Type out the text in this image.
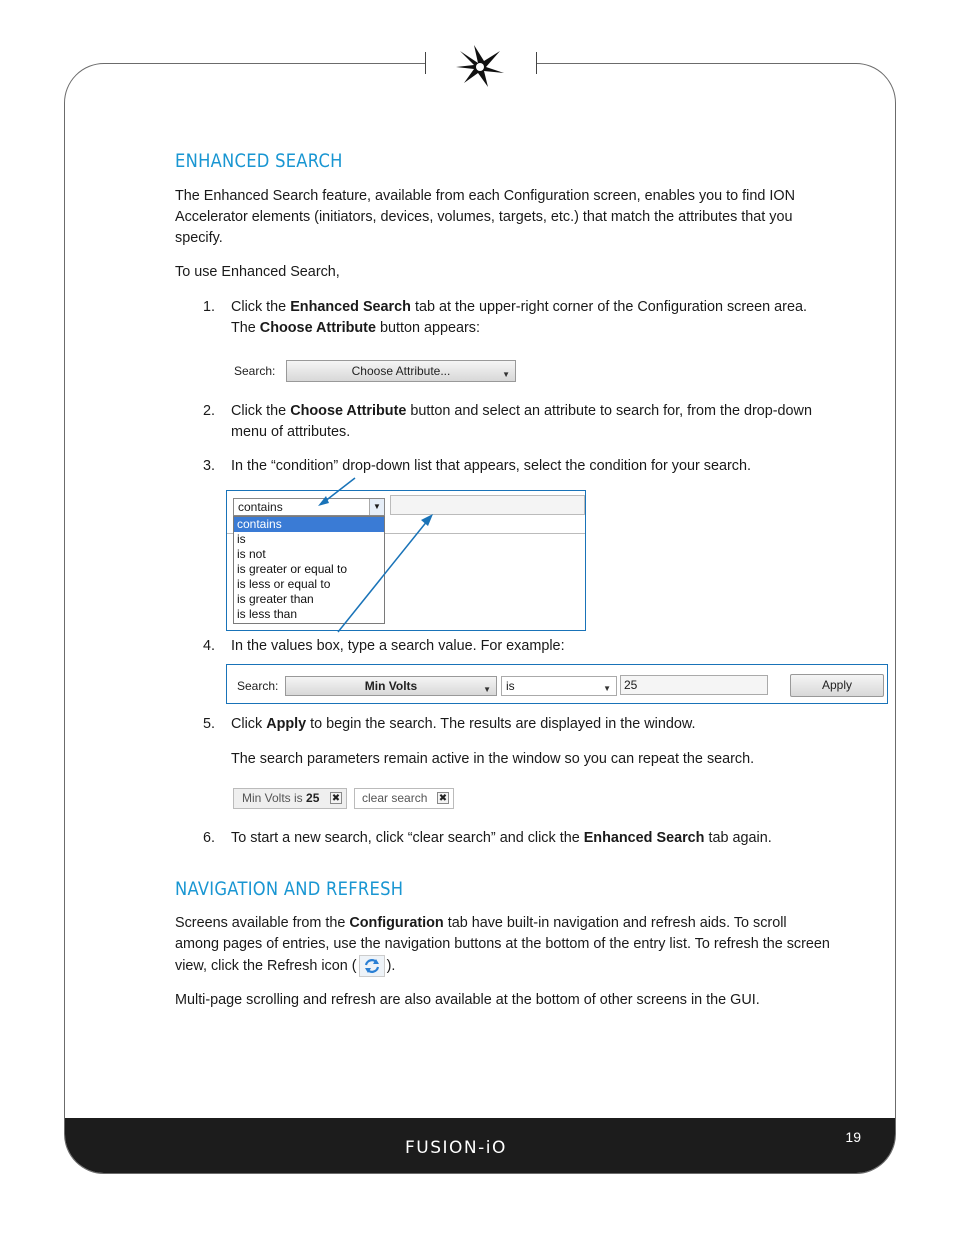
FUSION-iO
19
ENHANCED SEARCH

The Enhanced Search feature, available from each Configuration screen, enables you to find ION Accelerator elements (initiators, devices, volumes, targets, etc.) that match the attributes that you specify.

To use Enhanced Search,

1.	Click the Enhanced Search tab at the upper-right corner of the Configuration screen area. The Choose Attribute button appears:
2.	Click the Choose Attribute button and select an attribute to search for, from the drop-down menu of attributes.
3.	In the “condition” drop-down list that appears, select the condition for your search.
4.	In the values box, type a search value. For example:
5.	Click Apply to begin the search. The results are displayed in the window.

The search parameters remain active in the window so you can repeat the search.

6.	To start a new search, click “clear search” and click the Enhanced Search tab again.
NAVIGATION AND REFRESH

Screens available from the Configuration tab have built-in navigation and refresh aids. To scroll among pages of entries, use the navigation buttons at the bottom of the entry list. To refresh the screen view, click the Refresh icon ( ).

Multi-page scrolling and refresh are also available at the bottom of other screens in the GUI.

Search:	Choose Attribute...	▼
contains	▼
contains
is
is not
is greater or equal to
is less or equal to
is greater than
is less than
Search:	Min Volts	▼	is	▼	25	Apply
Min Volts is 25 ✖	clear search ✖
